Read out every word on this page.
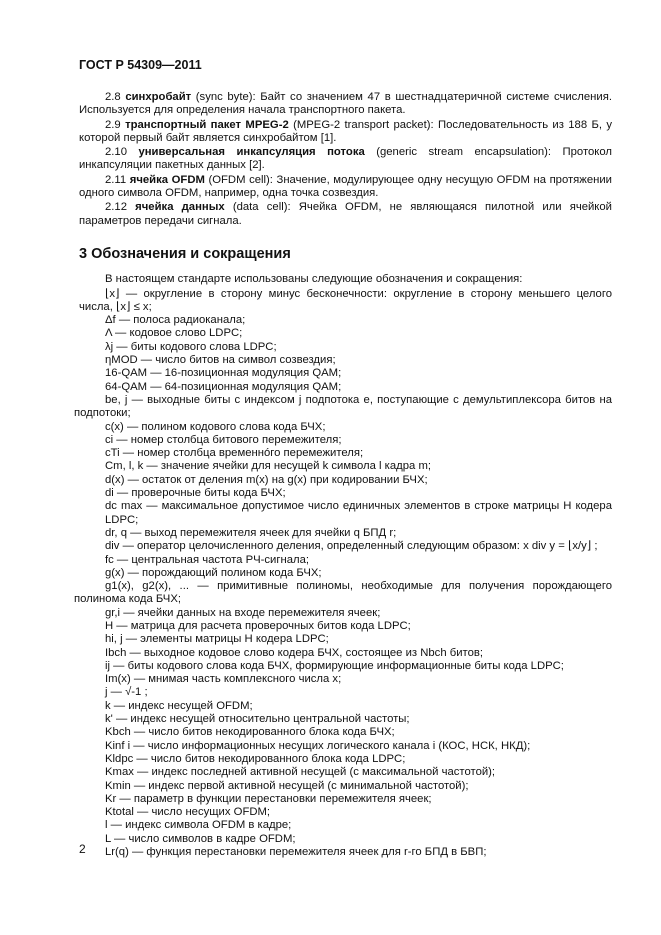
ГОСТ Р 54309—2011

2.8 синхробайт (sync byte): Байт со значением 47 в шестнадцатеричной системе счисления. Используется для определения начала транспортного пакета.

2.9 транспортный пакет MPEG-2 (MPEG-2 transport packet): Последовательность из 188 Б, у которой первый байт является синхробайтом [1].

2.10 универсальная инкапсуляция потока (generic stream encapsulation): Протокол инкапсуляции пакетных данных [2].

2.11 ячейка OFDM (OFDM cell): Значение, модулирующее одну несущую OFDM на протяжении одного символа OFDM, например, одна точка созвездия.

2.12 ячейка данных (data cell): Ячейка OFDM, не являющаяся пилотной или ячейкой параметров передачи сигнала.

3 Обозначения и сокращения

В настоящем стандарте использованы следующие обозначения и сокращения:

⌊x⌋ — округление в сторону минус бесконечности: округление в сторону меньшего целого числа, ⌊x⌋ ≤ x;

Δf — полоса радиоканала;

Λ — кодовое слово LDPC;

λj — биты кодового слова LDPC;

ηMOD — число битов на символ созвездия;

16-QAM — 16-позиционная модуляция QAM;

64-QAM — 64-позиционная модуляция QAM;

be, j — выходные биты с индексом j подпотока e, поступающие с демультиплексора битов на подпотоки;

c(x) — полином кодового слова кода БЧХ;

ci — номер столбца битового перемежителя;

cTi — номер столбца временнóго перемежителя;

Cm, l, k — значение ячейки для несущей k символа l кадра m;

d(x) — остаток от деления m(x) на g(x) при кодировании БЧХ;

di — проверочные биты кода БЧХ;

dc max — максимальное допустимое число единичных элементов в строке матрицы H кодера LDPC;

dr, q — выход перемежителя ячеек для ячейки q БПД r;

div — оператор целочисленного деления, определенный следующим образом: x div y = ⌊x/y⌋ ;

fc — центральная частота РЧ-сигнала;

g(x) — порождающий полином кода БЧХ;

g1(x), g2(x), ... — примитивные полиномы, необходимые для получения порождающего полинома кода БЧХ;

gr,i — ячейки данных на входе перемежителя ячеек;

H — матрица для расчета проверочных битов кода LDPC;

hi, j — элементы матрицы H кодера LDPC;

Ibch — выходное кодовое слово кодера БЧХ, состоящее из Nbch битов;

ij — биты кодового слова кода БЧХ, формирующие информационные биты кода LDPC;

Im(x) — мнимая часть комплексного числа x;

j — √-1 ;

k — индекс несущей OFDM;

k' — индекс несущей относительно центральной частоты;

Kbch — число битов некодированного блока кода БЧХ;

Kinf i — число информационных несущих логического канала i (КОС, НСК, НКД);

Kldpc — число битов некодированного блока кода LDPC;

Kmax — индекс последней активной несущей (с максимальной частотой);

Kmin — индекс первой активной несущей (с минимальной частотой);

Kr — параметр в функции перестановки перемежителя ячеек;

Ktotal — число несущих OFDM;

l — индекс символа OFDM в кадре;

L — число символов в кадре OFDM;

Lr(q) — функция перестановки перемежителя ячеек для r-го БПД в БВП;

2
